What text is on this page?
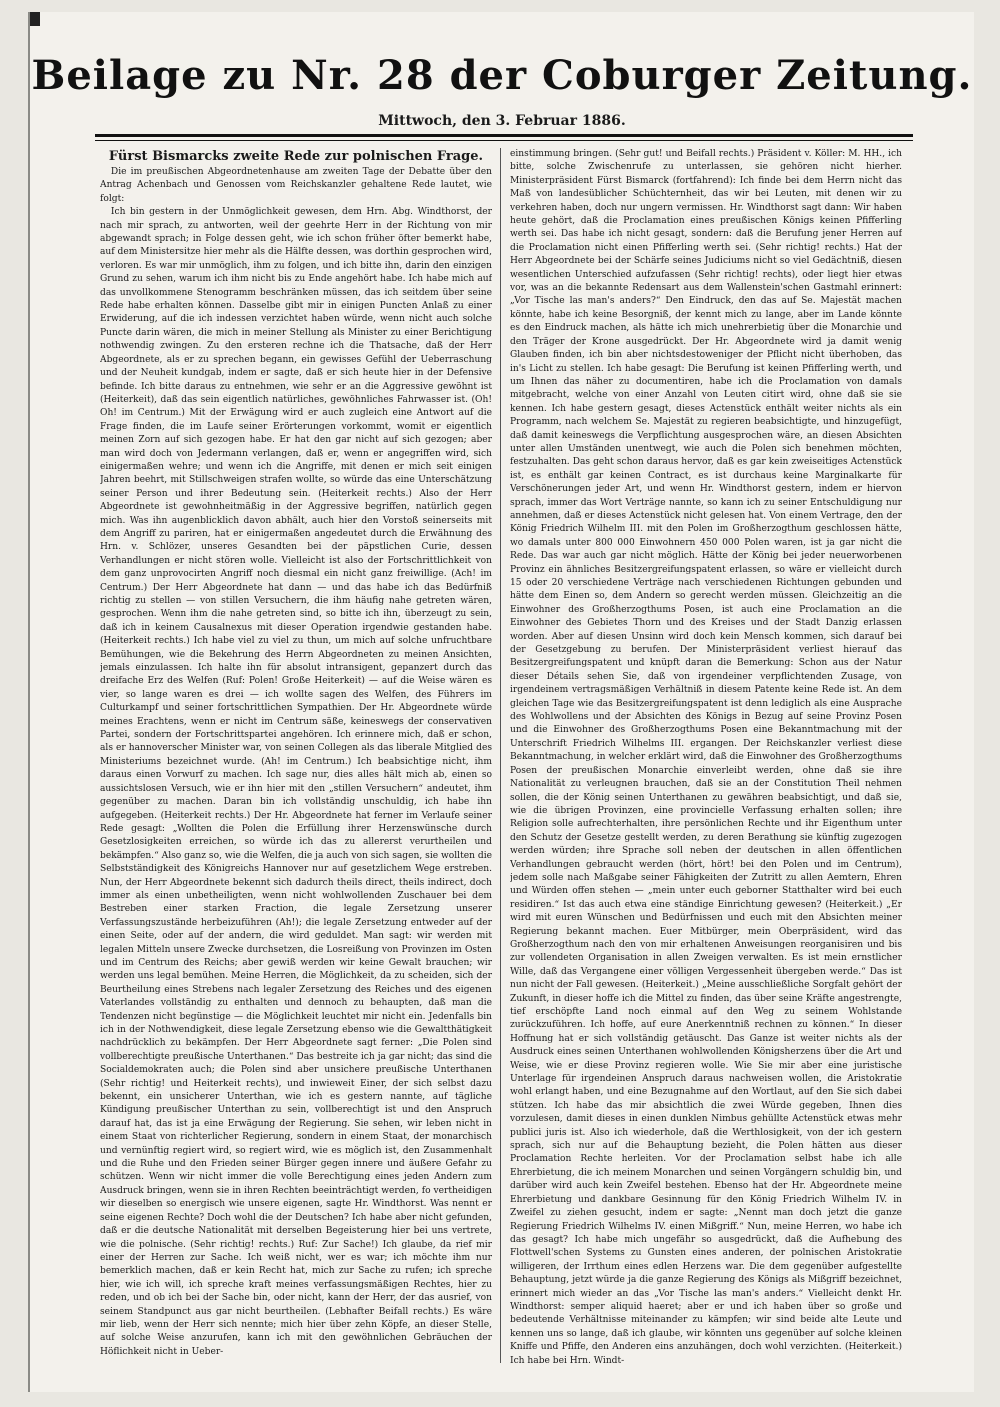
Beilage zu Nr. 28 der Coburger Zeitung.
Mittwoch, den 3. Februar 1886.

Fürst Bismarcks zweite Rede zur polnischen Frage.

Die im preußischen Abgeordnetenhause am zweiten Tage der Debatte über den Antrag Achenbach und Genossen vom Reichskanzler gehaltene Rede lautet, wie folgt:

Ich bin gestern in der Unmöglichkeit gewesen, dem Hrn. Abg. Windthorst, der nach mir sprach, zu antworten, weil der geehrte Herr in der Richtung von mir abgewandt sprach; in Folge dessen geht, wie ich schon früher öfter bemerkt habe, auf dem Ministersitze hier mehr als die Hälfte dessen, was dorthin gesprochen wird, verloren. Es war mir unmöglich, ihm zu folgen, und ich bitte ihn, darin den einzigen Grund zu sehen, warum ich ihm nicht bis zu Ende angehört habe. Ich habe mich auf das unvollkommene Stenogramm beschränken müssen, das ich seitdem über seine Rede habe erhalten können. Dasselbe gibt mir in einigen Puncten Anlaß zu einer Erwiderung, auf die ich indessen verzichtet haben würde, wenn nicht auch solche Puncte darin wären, die mich in meiner Stellung als Minister zu einer Berichtigung nothwendig zwingen. Zu den ersteren rechne ich die Thatsache, daß der Herr Abgeordnete, als er zu sprechen begann, ein gewisses Gefühl der Ueberraschung und der Neuheit kundgab, indem er sagte, daß er sich heute hier in der Defensive befinde. Ich bitte daraus zu entnehmen, wie sehr er an die Aggressive gewöhnt ist (Heiterkeit), daß das sein eigentlich natürliches, gewöhnliches Fahrwasser ist. (Oh! Oh! im Centrum.) Mit der Erwägung wird er auch zugleich eine Antwort auf die Frage finden, die im Laufe seiner Erörterungen vorkommt, womit er eigentlich meinen Zorn auf sich gezogen habe. Er hat den gar nicht auf sich gezogen; aber man wird doch von Jedermann verlangen, daß er, wenn er angegriffen wird, sich einigermaßen wehre; und wenn ich die Angriffe, mit denen er mich seit einigen Jahren beehrt, mit Stillschweigen strafen wollte, so würde das eine Unterschätzung seiner Person und ihrer Bedeutung sein. (Heiterkeit rechts.) Also der Herr Abgeordnete ist gewohnheitmäßig in der Aggressive begriffen, natürlich gegen mich. Was ihn augenblicklich davon abhält, auch hier den Vorstoß seinerseits mit dem Angriff zu pariren, hat er einigermaßen angedeutet durch die Erwähnung des Hrn. v. Schlözer, unseres Gesandten bei der päpstlichen Curie, dessen Verhandlungen er nicht stören wolle. Vielleicht ist also der Fortschrittlichkeit von dem ganz unprovocirten Angriff noch diesmal ein nicht ganz freiwillige. (Ach! im Centrum.) Der Herr Abgeordnete hat dann — und das habe ich das Bedürfniß richtig zu stellen — von stillen Versuchern, die ihm häufig nahe getreten wären, gesprochen. Wenn ihm die nahe getreten sind, so bitte ich ihn, überzeugt zu sein, daß ich in keinem Causalnexus mit dieser Operation irgendwie gestanden habe. (Heiterkeit rechts.) Ich habe viel zu viel zu thun, um mich auf solche unfruchtbare Bemühungen, wie die Bekehrung des Herrn Abgeordneten zu meinen Ansichten, jemals einzulassen. Ich halte ihn für absolut intransigent, gepanzert durch das dreifache Erz des Welfen (Ruf: Polen! Große Heiterkeit) — auf die Weise wären es vier, so lange waren es drei — ich wollte sagen des Welfen, des Führers im Culturkampf und seiner fortschrittlichen Sympathien. Der Hr. Abgeordnete würde meines Erachtens, wenn er nicht im Centrum säße, keineswegs der conservativen Partei, sondern der Fortschrittspartei angehören. Ich erinnere mich, daß er schon, als er hannoverscher Minister war, von seinen Collegen als das liberale Mitglied des Ministeriums bezeichnet wurde. (Ah! im Centrum.) Ich beabsichtige nicht, ihm daraus einen Vorwurf zu machen. Ich sage nur, dies alles hält mich ab, einen so aussichtslosen Versuch, wie er ihn hier mit den „stillen Versuchern“ andeutet, ihm gegenüber zu machen. Daran bin ich vollständig unschuldig, ich habe ihn aufgegeben. (Heiterkeit rechts.) Der Hr. Abgeordnete hat ferner im Verlaufe seiner Rede gesagt: „Wollten die Polen die Erfüllung ihrer Herzenswünsche durch Gesetzlosigkeiten erreichen, so würde ich das zu allererst verurtheilen und bekämpfen.“ Also ganz so, wie die Welfen, die ja auch von sich sagen, sie wollten die Selbstständigkeit des Königreichs Hannover nur auf gesetzlichem Wege erstreben. Nun, der Herr Abgeordnete bekennt sich dadurch theils direct, theils indirect, doch immer als einen unbetheiligten, wenn nicht wohlwollenden Zuschauer bei dem Bestreben einer starken Fraction, die legale Zersetzung unserer Verfassungszustände herbeizuführen (Ah!); die legale Zersetzung entweder auf der einen Seite, oder auf der andern, die wird geduldet. Man sagt: wir werden mit legalen Mitteln unsere Zwecke durchsetzen, die Losreißung von Provinzen im Osten und im Centrum des Reichs; aber gewiß werden wir keine Gewalt brauchen; wir werden uns legal bemühen. Meine Herren, die Möglichkeit, da zu scheiden, sich der Beurtheilung eines Strebens nach legaler Zersetzung des Reiches und des eigenen Vaterlandes vollständig zu enthalten und dennoch zu behaupten, daß man die Tendenzen nicht begünstige — die Möglichkeit leuchtet mir nicht ein. Jedenfalls bin ich in der Nothwendigkeit, diese legale Zersetzung ebenso wie die Gewaltthätigkeit nachdrücklich zu bekämpfen. Der Herr Abgeordnete sagt ferner: „Die Polen sind vollberechtigte preußische Unterthanen.“ Das bestreite ich ja gar nicht; das sind die Socialdemokraten auch; die Polen sind aber unsichere preußische Unterthanen (Sehr richtig! und Heiterkeit rechts), und inwieweit Einer, der sich selbst dazu bekennt, ein unsicherer Unterthan, wie ich es gestern nannte, auf tägliche Kündigung preußischer Unterthan zu sein, vollberechtigt ist und den Anspruch darauf hat, das ist ja eine Erwägung der Regierung. Sie sehen, wir leben nicht in einem Staat von richterlicher Regierung, sondern in einem Staat, der monarchisch und vernünftig regiert wird, so regiert wird, wie es möglich ist, den Zusammenhalt und die Ruhe und den Frieden seiner Bürger gegen innere und äußere Gefahr zu schützen. Wenn wir nicht immer die volle Berechtigung eines jeden Andern zum Ausdruck bringen, wenn sie in ihren Rechten beeinträchtigt werden, fo vertheidigen wir dieselben so energisch wie unsere eigenen, sagte Hr. Windthorst. Was nennt er seine eigenen Rechte? Doch wohl die der Deutschen? Ich habe aber nicht gefunden, daß er die deutsche Nationalität mit derselben Begeisterung hier bei uns vertrete, wie die polnische. (Sehr richtig! rechts.) Ruf: Zur Sache!) Ich glaube, da rief mir einer der Herren zur Sache. Ich weiß nicht, wer es war; ich möchte ihm nur bemerklich machen, daß er kein Recht hat, mich zur Sache zu rufen; ich spreche hier, wie ich will, ich spreche kraft meines verfassungsmäßigen Rechtes, hier zu reden, und ob ich bei der Sache bin, oder nicht, kann der Herr, der das ausrief, von seinem Standpunct aus gar nicht beurtheilen. (Lebhafter Beifall rechts.) Es wäre mir lieb, wenn der Herr sich nennte; mich hier über zehn Köpfe, an dieser Stelle, auf solche Weise anzurufen, kann ich mit den gewöhnlichen Gebräuchen der Höflichkeit nicht in Ueber-

einstimmung bringen. (Sehr gut! und Beifall rechts.) Präsident v. Köller: M. HH., ich bitte, solche Zwischenrufe zu unterlassen, sie gehören nicht hierher. Ministerpräsident Fürst Bismarck (fortfahrend): Ich finde bei dem Herrn nicht das Maß von landesüblicher Schüchternheit, das wir bei Leuten, mit denen wir zu verkehren haben, doch nur ungern vermissen. Hr. Windthorst sagt dann: Wir haben heute gehört, daß die Proclamation eines preußischen Königs keinen Pfifferling werth sei. Das habe ich nicht gesagt, sondern: daß die Berufung jener Herren auf die Proclamation nicht einen Pfifferling werth sei. (Sehr richtig! rechts.) Hat der Herr Abgeordnete bei der Schärfe seines Judiciums nicht so viel Gedächtniß, diesen wesentlichen Unterschied aufzufassen (Sehr richtig! rechts), oder liegt hier etwas vor, was an die bekannte Redensart aus dem Wallenstein'schen Gastmahl erinnert: „Vor Tische las man's anders?“ Den Eindruck, den das auf Se. Majestät machen könnte, habe ich keine Besorgniß, der kennt mich zu lange, aber im Lande könnte es den Eindruck machen, als hätte ich mich unehrerbietig über die Monarchie und den Träger der Krone ausgedrückt. Der Hr. Abgeordnete wird ja damit wenig Glauben finden, ich bin aber nichtsdestoweniger der Pflicht nicht überhoben, das in's Licht zu stellen. Ich habe gesagt: Die Berufung ist keinen Pfifferling werth, und um Ihnen das näher zu documentiren, habe ich die Proclamation von damals mitgebracht, welche von einer Anzahl von Leuten citirt wird, ohne daß sie sie kennen. Ich habe gestern gesagt, dieses Actenstück enthält weiter nichts als ein Programm, nach welchem Se. Majestät zu regieren beabsichtigte, und hinzugefügt, daß damit keineswegs die Verpflichtung ausgesprochen wäre, an diesen Absichten unter allen Umständen unentwegt, wie auch die Polen sich benehmen möchten, festzuhalten. Das geht schon daraus hervor, daß es gar kein zweiseitiges Actenstück ist, es enthält gar keinen Contract, es ist durchaus keine Marginalkarte für Verschönerungen jeder Art, und wenn Hr. Windthorst gestern, indem er hiervon sprach, immer das Wort Verträge nannte, so kann ich zu seiner Entschuldigung nur annehmen, daß er dieses Actenstück nicht gelesen hat. Von einem Vertrage, den der König Friedrich Wilhelm III. mit den Polen im Großherzogthum geschlossen hätte, wo damals unter 800 000 Einwohnern 450 000 Polen waren, ist ja gar nicht die Rede. Das war auch gar nicht möglich. Hätte der König bei jeder neuerworbenen Provinz ein ähnliches Besitzergreifungspatent erlassen, so wäre er vielleicht durch 15 oder 20 verschiedene Verträge nach verschiedenen Richtungen gebunden und hätte dem Einen so, dem Andern so gerecht werden müssen. Gleichzeitig an die Einwohner des Großherzogthums Posen, ist auch eine Proclamation an die Einwohner des Gebietes Thorn und des Kreises und der Stadt Danzig erlassen worden. Aber auf diesen Unsinn wird doch kein Mensch kommen, sich darauf bei der Gesetzgebung zu berufen. Der Ministerpräsident verliest hierauf das Besitzergreifungspatent und knüpft daran die Bemerkung: Schon aus der Natur dieser Détails sehen Sie, daß von irgendeiner verpflichtenden Zusage, von irgendeinem vertragsmäßigen Verhältniß in diesem Patente keine Rede ist. An dem gleichen Tage wie das Besitzergreifungspatent ist denn lediglich als eine Ausprache des Wohlwollens und der Absichten des Königs in Bezug auf seine Provinz Posen und die Einwohner des Großherzogthums Posen eine Bekanntmachung mit der Unterschrift Friedrich Wilhelms III. ergangen. Der Reichskanzler verliest diese Bekanntmachung, in welcher erklärt wird, daß die Einwohner des Großherzogthums Posen der preußischen Monarchie einverleibt werden, ohne daß sie ihre Nationalität zu verleugnen brauchen, daß sie an der Constitution Theil nehmen sollen, die der König seinen Unterthanen zu gewähren beabsichtigt, und daß sie, wie die übrigen Provinzen, eine provincielle Verfassung erhalten sollen; ihre Religion solle aufrechterhalten, ihre persönlichen Rechte und ihr Eigenthum unter den Schutz der Gesetze gestellt werden, zu deren Berathung sie künftig zugezogen werden würden; ihre Sprache soll neben der deutschen in allen öffentlichen Verhandlungen gebraucht werden (hört, hört! bei den Polen und im Centrum), jedem solle nach Maßgabe seiner Fähigkeiten der Zutritt zu allen Aemtern, Ehren und Würden offen stehen — „mein unter euch geborner Statthalter wird bei euch residiren.“ Ist das auch etwa eine ständige Einrichtung gewesen? (Heiterkeit.) „Er wird mit euren Wünschen und Bedürfnissen und euch mit den Absichten meiner Regierung bekannt machen. Euer Mitbürger, mein Oberpräsident, wird das Großherzogthum nach den von mir erhaltenen Anweisungen reorganisiren und bis zur vollendeten Organisation in allen Zweigen verwalten. Es ist mein ernstlicher Wille, daß das Vergangene einer völligen Vergessenheit übergeben werde.“ Das ist nun nicht der Fall gewesen. (Heiterkeit.) „Meine ausschließliche Sorgfalt gehört der Zukunft, in dieser hoffe ich die Mittel zu finden, das über seine Kräfte angestrengte, tief erschöpfte Land noch einmal auf den Weg zu seinem Wohlstande zurückzuführen. Ich hoffe, auf eure Anerkenntniß rechnen zu können.“ In dieser Hoffnung hat er sich vollständig getäuscht. Das Ganze ist weiter nichts als der Ausdruck eines seinen Unterthanen wohlwollenden Königsherzens über die Art und Weise, wie er diese Provinz regieren wolle. Wie Sie mir aber eine juristische Unterlage für irgendeinen Anspruch daraus nachweisen wollen, die Aristokratie wohl erlangt haben, und eine Bezugnahme auf den Wortlaut, auf den Sie sich dabei stützen. Ich habe das mir absichtlich die zwei Würde gegeben, Ihnen dies vorzulesen, damit dieses in einen dunklen Nimbus gehüllte Actenstück etwas mehr publici juris ist. Also ich wiederhole, daß die Werthlosigkeit, von der ich gestern sprach, sich nur auf die Behauptung bezieht, die Polen hätten aus dieser Proclamation Rechte herleiten. Vor der Proclamation selbst habe ich alle Ehrerbietung, die ich meinem Monarchen und seinen Vorgängern schuldig bin, und darüber wird auch kein Zweifel bestehen. Ebenso hat der Hr. Abgeordnete meine Ehrerbietung und dankbare Gesinnung für den König Friedrich Wilhelm IV. in Zweifel zu ziehen gesucht, indem er sagte: „Nennt man doch jetzt die ganze Regierung Friedrich Wilhelms IV. einen Mißgriff.“ Nun, meine Herren, wo habe ich das gesagt? Ich habe mich ungefähr so ausgedrückt, daß die Aufhebung des Flottwell'schen Systems zu Gunsten eines anderen, der polnischen Aristokratie willigeren, der Irrthum eines edlen Herzens war. Die dem gegenüber aufgestellte Behauptung, jetzt würde ja die ganze Regierung des Königs als Mißgriff bezeichnet, erinnert mich wieder an das „Vor Tische las man's anders.“ Vielleicht denkt Hr. Windthorst: semper aliquid haeret; aber er und ich haben über so große und bedeutende Verhältnisse miteinander zu kämpfen; wir sind beide alte Leute und kennen uns so lange, daß ich glaube, wir könnten uns gegenüber auf solche kleinen Kniffe und Pfiffe, den Anderen eins anzuhängen, doch wohl verzichten. (Heiterkeit.) Ich habe bei Hrn. Windt-
